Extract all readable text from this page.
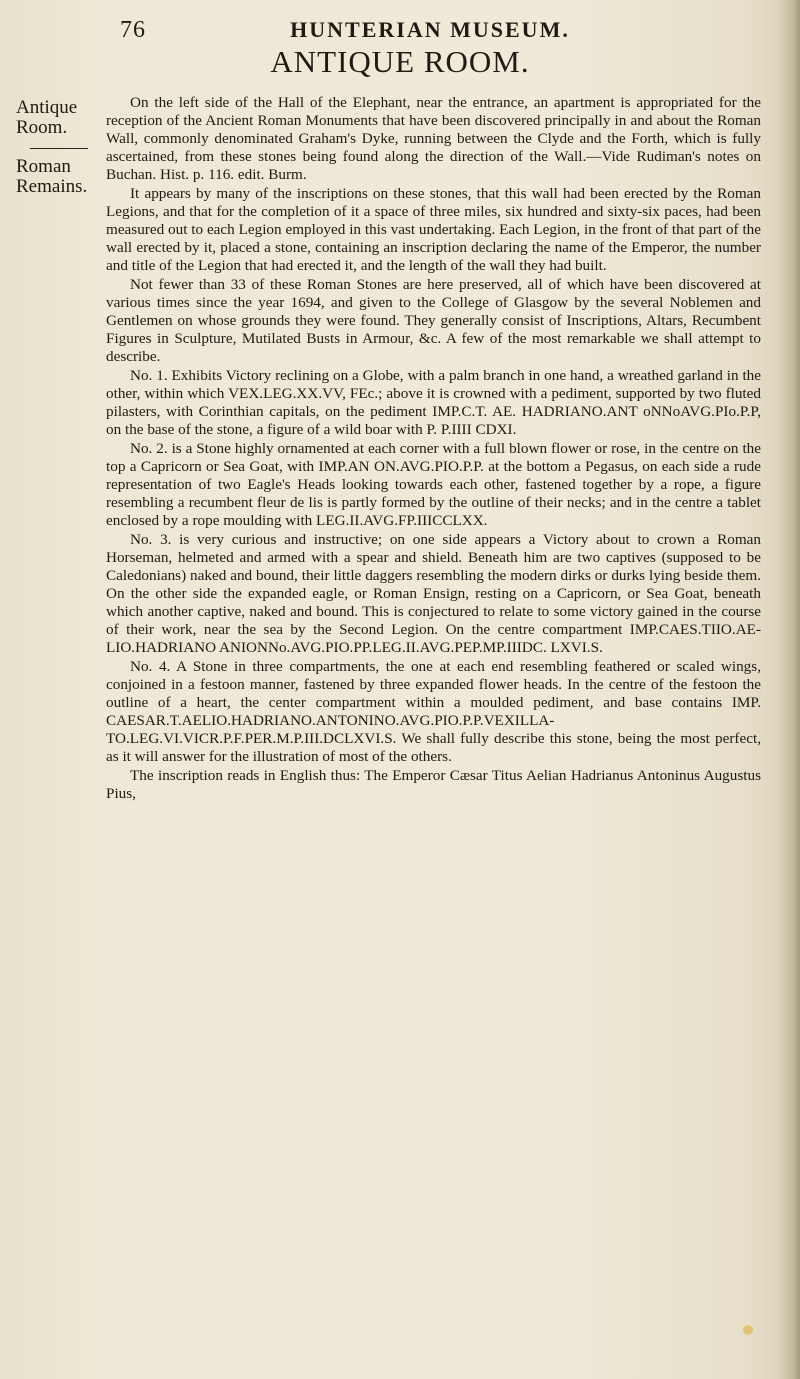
76	HUNTERIAN MUSEUM.
ANTIQUE ROOM.
Antique Room.
Roman Remains.

On the left side of the Hall of the Elephant, near the entrance, an apartment is appropriated for the reception of the Ancient Roman Monuments that have been discovered principally in and about the Roman Wall, commonly denominated Graham's Dyke, running between the Clyde and the Forth, which is fully ascertained, from these stones being found along the direction of the Wall.—Vide Rudiman's notes on Buchan. Hist. p. 116. edit. Burm.

It appears by many of the inscriptions on these stones, that this wall had been erected by the Roman Legions, and that for the completion of it a space of three miles, six hundred and sixty-six paces, had been measured out to each Legion employed in this vast undertaking. Each Legion, in the front of that part of the wall erected by it, placed a stone, containing an inscription declaring the name of the Emperor, the number and title of the Legion that had erected it, and the length of the wall they had built.

Not fewer than 33 of these Roman Stones are here preserved, all of which have been discovered at various times since the year 1694, and given to the College of Glasgow by the several Noblemen and Gentlemen on whose grounds they were found. They generally consist of Inscriptions, Altars, Recumbent Figures in Sculpture, Mutilated Busts in Armour, &c. A few of the most remarkable we shall attempt to describe.

No. 1. Exhibits Victory reclining on a Globe, with a palm branch in one hand, a wreathed garland in the other, within which VEX.LEG.XX.VV, FEc.; above it is crowned with a pediment, supported by two fluted pilasters, with Corinthian capitals, on the pediment IMP.C.T. AE. HADRIANO.ANT oNNoAVG.PIo.P.P, on the base of the stone, a figure of a wild boar with P. P.IIII CDXI.

No. 2. is a Stone highly ornamented at each corner with a full blown flower or rose, in the centre on the top a Capricorn or Sea Goat, with IMP.AN ON.AVG.PIO.P.P. at the bottom a Pegasus, on each side a rude representation of two Eagle's Heads looking towards each other, fastened together by a rope, a figure resembling a recumbent fleur de lis is partly formed by the outline of their necks; and in the centre a tablet enclosed by a rope moulding with LEG.II.AVG.FP.IIICCLXX.

No. 3. is very curious and instructive; on one side appears a Victory about to crown a Roman Horseman, helmeted and armed with a spear and shield. Beneath him are two captives (supposed to be Caledonians) naked and bound, their little daggers resembling the modern dirks or durks lying beside them. On the other side the expanded eagle, or Roman Ensign, resting on a Capricorn, or Sea Goat, beneath which another captive, naked and bound. This is conjectured to relate to some victory gained in the course of their work, near the sea by the Second Legion. On the centre compartment IMP.CAES.TIIO.AE-LIO.HADRIANO ANIONNo.AVG.PIO.PP.LEG.II.AVG.PEP.MP.IIIDC. LXVI.S.

No. 4. A Stone in three compartments, the one at each end resembling feathered or scaled wings, conjoined in a festoon manner, fastened by three expanded flower heads. In the centre of the festoon the outline of a heart, the center compartment within a moulded pediment, and base contains IMP. CAESAR.T.AELIO.HADRIANO.ANTONINO.AVG.PIO.P.P.VEXILLA-TO.LEG.VI.VICR.P.F.PER.M.P.III.DCLXVI.S. We shall fully describe this stone, being the most perfect, as it will answer for the illustration of most of the others.

The inscription reads in English thus: The Emperor Cæsar Titus Aelian Hadrianus Antoninus Augustus Pius,
